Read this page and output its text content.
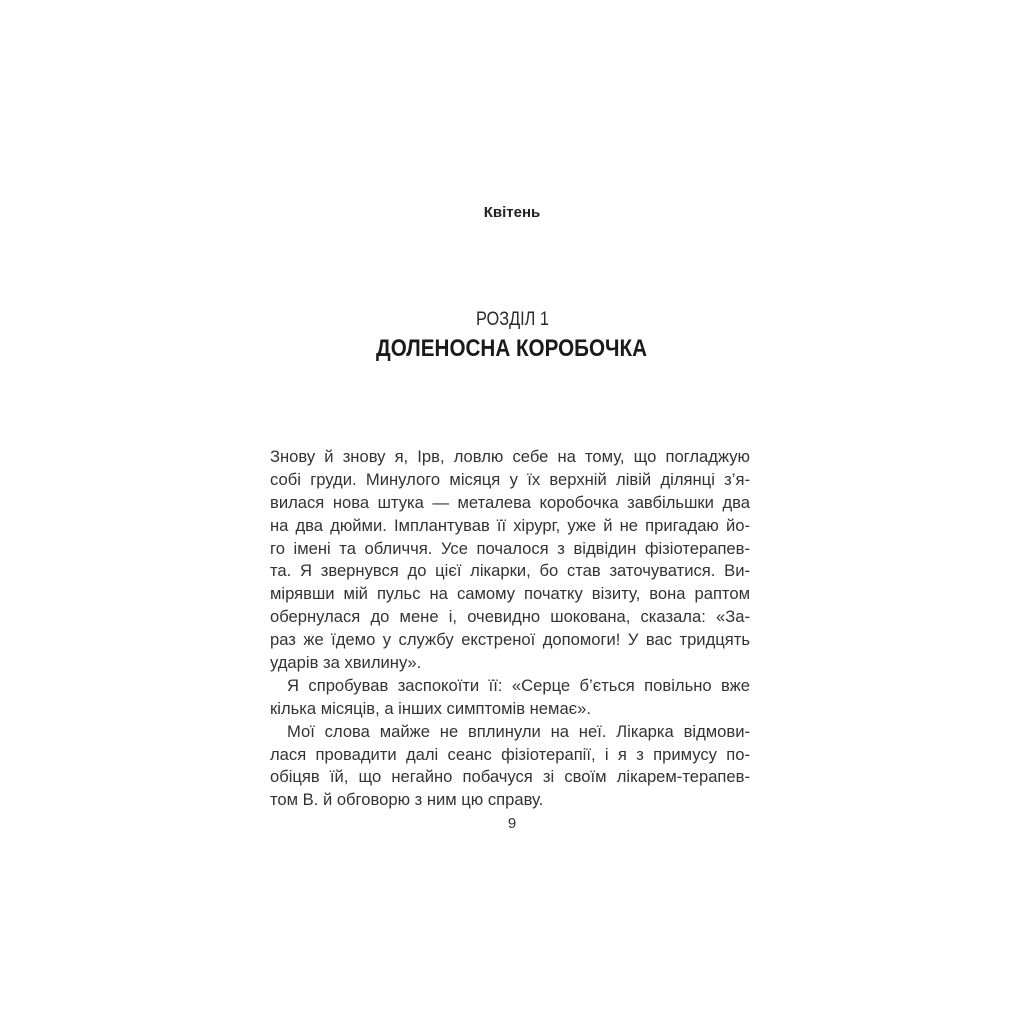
Квітень
РОЗДІЛ 1
ДОЛЕНОСНА КОРОБОЧКА
Знову й знову я, Ірв, ловлю себе на тому, що погладжую
собі груди. Минулого місяця у їх верхній лівій ділянці з’я-
вилася нова штука — металева коробочка завбільшки два
на два дюйми. Імплантував її хірург, уже й не пригадаю йо-
го імені та обличчя. Усе почалося з відвідин фізіотерапев-
та. Я звернувся до цієї лікарки, бо став заточуватися. Ви-
мірявши мій пульс на самому початку візиту, вона раптом
обернулася до мене і, очевидно шокована, сказала: «За-
раз же їдемо у службу екстреної допомоги! У вас тридцять
ударів за хвилину».
Я спробував заспокоїти її: «Серце б’ється повільно вже
кілька місяців, а інших симптомів немає».
Мої слова майже не вплинули на неї. Лікарка відмови-
лася провадити далі сеанс фізіотерапії, і я з примусу по-
обіцяв їй, що негайно побачуся зі своїм лікарем-терапев-
том В. й обговорю з ним цю справу.
9
